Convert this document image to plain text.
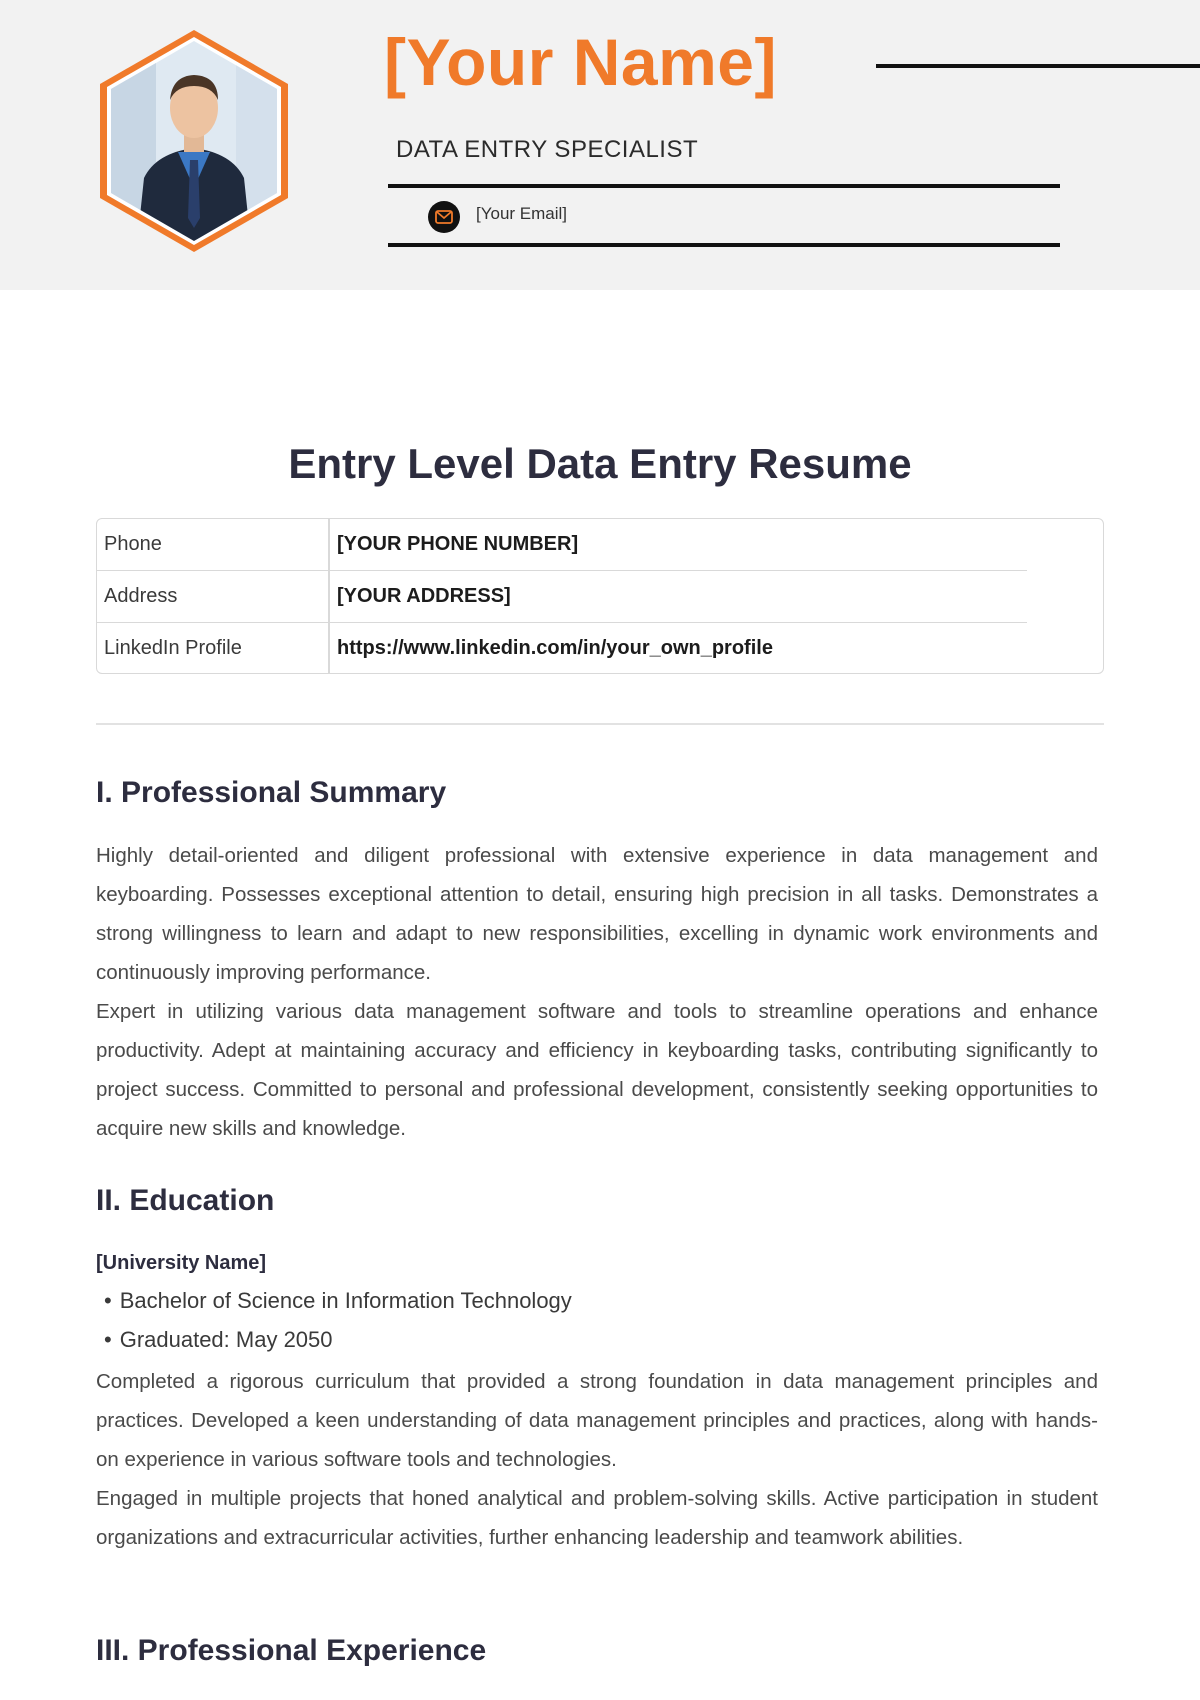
[Your Name]
DATA ENTRY SPECIALIST
[Your Email]
Entry Level Data Entry Resume
Phone	[YOUR PHONE NUMBER]
Address	[YOUR ADDRESS]
LinkedIn Profile	https://www.linkedin.com/in/your_own_profile
I. Professional Summary

Highly detail-oriented and diligent professional with extensive experience in data management and keyboarding. Possesses exceptional attention to detail, ensuring high precision in all tasks. Demonstrates a strong willingness to learn and adapt to new responsibilities, excelling in dynamic work environments and continuously improving performance.

Expert in utilizing various data management software and tools to streamline operations and enhance productivity. Adept at maintaining accuracy and efficiency in keyboarding tasks, contributing significantly to project success. Committed to personal and professional development, consistently seeking opportunities to acquire new skills and knowledge.

II. Education
[University Name]
• Bachelor of Science in Information Technology
• Graduated: May 2050

Completed a rigorous curriculum that provided a strong foundation in data management principles and practices. Developed a keen understanding of data management principles and practices, along with hands-on experience in various software tools and technologies.

Engaged in multiple projects that honed analytical and problem-solving skills. Active participation in student organizations and extracurricular activities, further enhancing leadership and teamwork abilities.

III. Professional Experience
